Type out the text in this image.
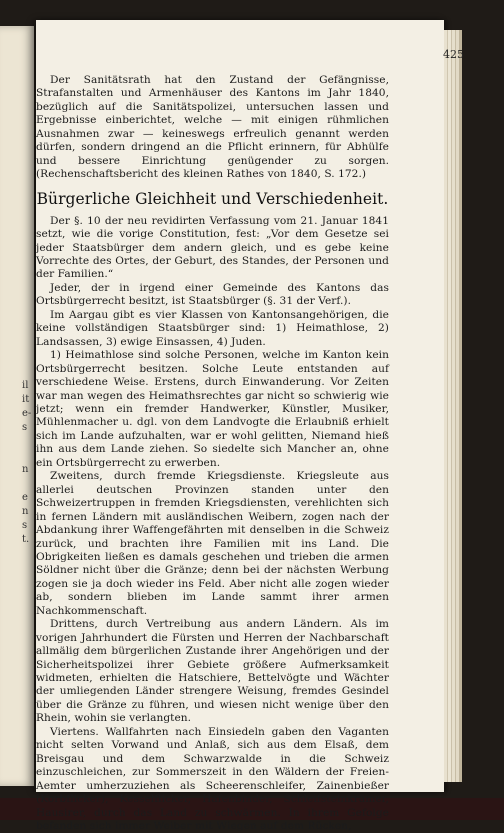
il
it
e-
s
n
e
n
s
t.
425

Der Sanitätsrath hat den Zustand der Gefängnisse, Strafanstalten und Armenhäuser des Kantons im Jahr 1840, bezüglich auf die Sanitätspolizei, untersuchen lassen und Ergebnisse einberichtet, welche — mit einigen rühmlichen Ausnahmen zwar — keineswegs erfreulich genannt werden dürfen, sondern dringend an die Pflicht erinnern, für Abhülfe und bessere Einrichtung genügender zu sorgen. (Rechenschaftsbericht des kleinen Rathes von 1840, S. 172.)

Bürgerliche Gleichheit und Verschiedenheit.

Der §. 10 der neu revidirten Verfassung vom 21. Januar 1841 setzt, wie die vorige Constitution, fest: „Vor dem Gesetze sei jeder Staatsbürger dem andern gleich, und es gebe keine Vorrechte des Ortes, der Geburt, des Standes, der Personen und der Familien.“

Jeder, der in irgend einer Gemeinde des Kantons das Ortsbürgerrecht besitzt, ist Staatsbürger (§. 31 der Verf.).

Im Aargau gibt es vier Klassen von Kantonsangehörigen, die keine vollständigen Staatsbürger sind: 1) Heimathlose, 2) Landsassen, 3) ewige Einsassen, 4) Juden.

1) Heimathlose sind solche Personen, welche im Kanton kein Ortsbürgerrecht besitzen. Solche Leute entstanden auf verschiedene Weise. Erstens, durch Einwanderung. Vor Zeiten war man wegen des Heimathsrechtes gar nicht so schwierig wie jetzt; wenn ein fremder Handwerker, Künstler, Musiker, Mühlenmacher u. dgl. von dem Landvogte die Erlaubniß erhielt sich im Lande aufzuhalten, war er wohl gelitten, Niemand hieß ihn aus dem Lande ziehen. So siedelte sich Mancher an, ohne ein Ortsbürgerrecht zu erwerben.

Zweitens, durch fremde Kriegsdienste. Kriegsleute aus allerlei deutschen Provinzen standen unter den Schweizertruppen in fremden Kriegsdiensten, verehlichten sich in fernen Ländern mit ausländischen Weibern, zogen nach der Abdankung ihrer Waffengefährten mit denselben in die Schweiz zurück, und brachten ihre Familien mit ins Land. Die Obrigkeiten ließen es damals geschehen und trieben die armen Söldner nicht über die Gränze; denn bei der nächsten Werbung zogen sie ja doch wieder ins Feld. Aber nicht alle zogen wieder ab, sondern blieben im Lande sammt ihrer armen Nachkommenschaft.

Drittens, durch Vertreibung aus andern Ländern. Als im vorigen Jahrhundert die Fürsten und Herren der Nachbarschaft allmälig dem bürgerlichen Zustande ihrer Angehörigen und der Sicherheitspolizei ihrer Gebiete größere Aufmerksamkeit widmeten, erhielten die Hatschiere, Bettelvögte und Wächter der umliegenden Länder strengere Weisung, fremdes Gesindel über die Gränze zu führen, und wiesen nicht wenige über den Rhein, wohin sie verlangten.

Viertens. Wallfahrten nach Einsiedeln gaben den Vaganten nicht selten Vorwand und Anlaß, sich aus dem Elsaß, dem Breisgau und dem Schwarzwalde in die Schweiz einzuschleichen, zur Sommerszeit in den Wäldern der Freien-Aemter umherzuziehen als Scheerenschleifer, Zainenbießer (Korbflicker), Kesselflicker, Hafenbinder, Schleifsteinkrämer, Hausirer, durch das Land zu schwärmen. In ihrem Gefolge befanden sich immer Weiber mit Wiegen auf dem Rücken,
